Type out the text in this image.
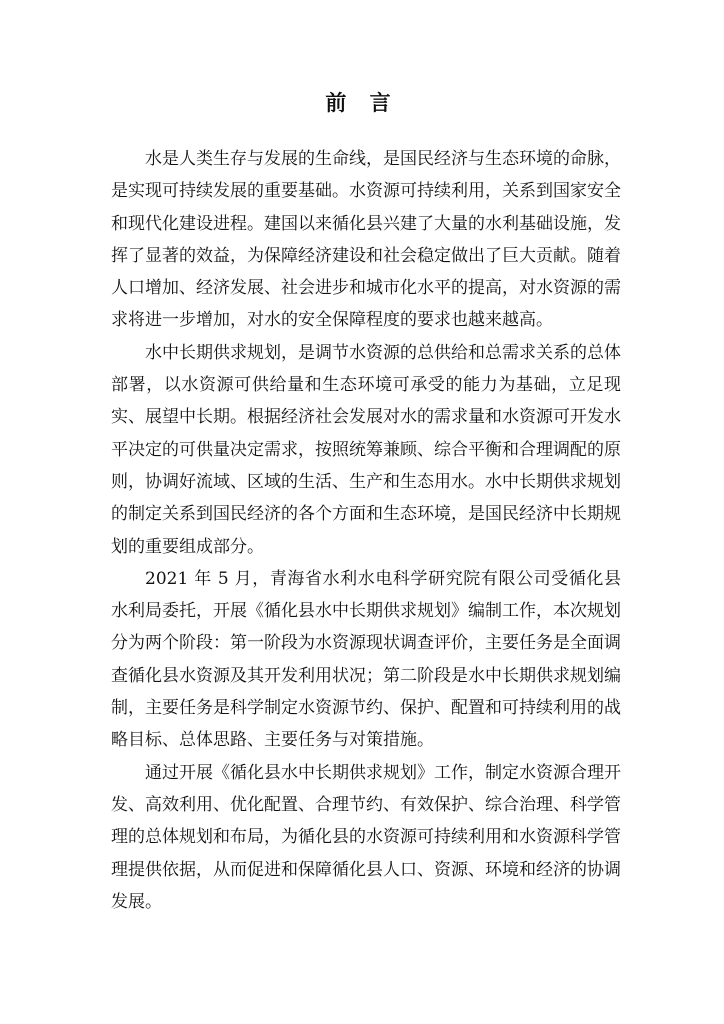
前 言

水是人类生存与发展的生命线，是国民经济与生态环境的命脉，是实现可持续发展的重要基础。水资源可持续利用，关系到国家安全和现代化建设进程。建国以来循化县兴建了大量的水利基础设施，发挥了显著的效益，为保障经济建设和社会稳定做出了巨大贡献。随着人口增加、经济发展、社会进步和城市化水平的提高，对水资源的需求将进一步增加，对水的安全保障程度的要求也越来越高。

水中长期供求规划，是调节水资源的总供给和总需求关系的总体部署，以水资源可供给量和生态环境可承受的能力为基础，立足现实、展望中长期。根据经济社会发展对水的需求量和水资源可开发水平决定的可供量决定需求，按照统筹兼顾、综合平衡和合理调配的原则，协调好流域、区域的生活、生产和生态用水。水中长期供求规划的制定关系到国民经济的各个方面和生态环境，是国民经济中长期规划的重要组成部分。

2021 年 5 月，青海省水利水电科学研究院有限公司受循化县水利局委托，开展《循化县水中长期供求规划》编制工作，本次规划分为两个阶段：第一阶段为水资源现状调查评价，主要任务是全面调查循化县水资源及其开发利用状况；第二阶段是水中长期供求规划编制，主要任务是科学制定水资源节约、保护、配置和可持续利用的战略目标、总体思路、主要任务与对策措施。

通过开展《循化县水中长期供求规划》工作，制定水资源合理开发、高效利用、优化配置、合理节约、有效保护、综合治理、科学管理的总体规划和布局，为循化县的水资源可持续利用和水资源科学管理提供依据，从而促进和保障循化县人口、资源、环境和经济的协调发展。
